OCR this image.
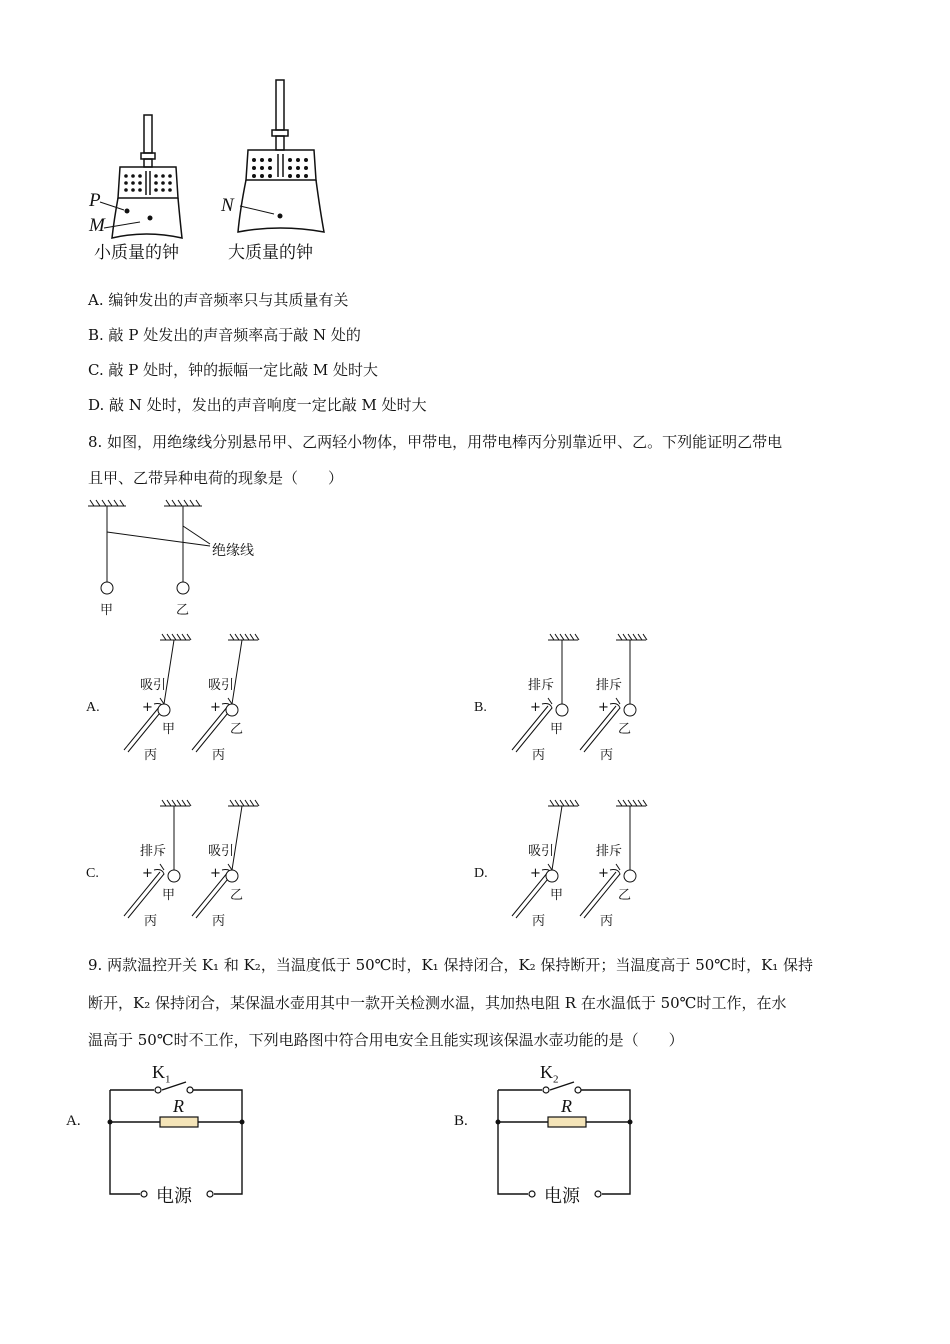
P
M
N
小质量的钟	大质量的钟
A. 编钟发出的声音频率只与其质量有关
B. 敲 P 处发出的声音频率高于敲 N 处的
C. 敲 P 处时，钟的振幅一定比敲 M 处时大
D. 敲 N 处时，发出的声音响度一定比敲 M 处时大
8. 如图，用绝缘线分别悬吊甲、乙两轻小物体，甲带电，用带电棒丙分别靠近甲、乙。下列能证明乙带电
且甲、乙带异种电荷的现象是（　　）
绝缘线
甲	乙
A.
吸引	吸引
+	+
甲	乙
丙	丙
B.
排斥	排斥
+	+
甲	乙
丙	丙
C.
排斥	吸引
+	+
甲	乙
丙	丙
D.
吸引	排斥
+	+
甲	乙
丙	丙
9. 两款温控开关 K₁ 和 K₂，当温度低于 50℃时，K₁ 保持闭合，K₂ 保持断开；当温度高于 50℃时，K₁ 保持
断开，K₂ 保持闭合，某保温水壶用其中一款开关检测水温，其加热电阻 R 在水温低于 50℃时工作，在水
温高于 50℃时不工作，下列电路图中符合用电安全且能实现该保温水壶功能的是（　　）
A.
$K_1$
R
电源
B.
$K_2$
R
电源
